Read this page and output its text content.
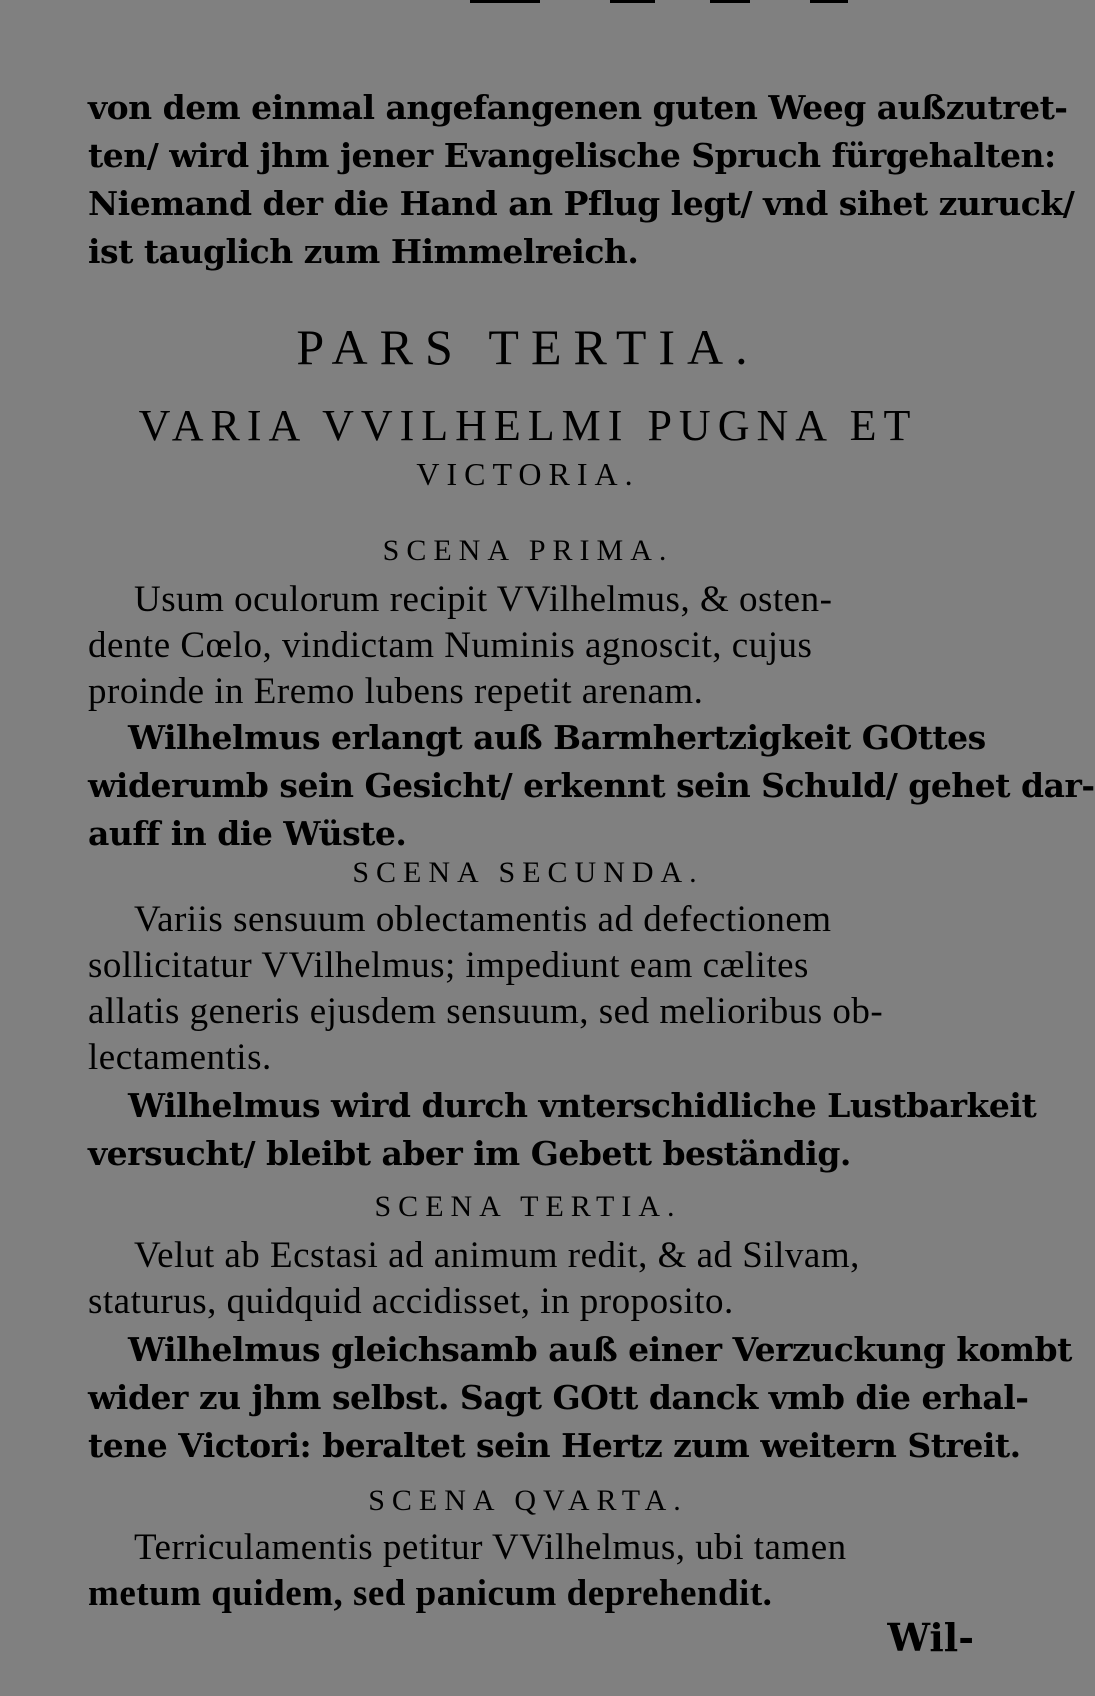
von dem einmal angefangenen guten Weeg außzutret-
ten/ wird jhm jener Evangelische Spruch fürgehalten:
Niemand der die Hand an Pflug legt/ vnd sihet zuruck/
ist tauglich zum Himmelreich.
PARS TERTIA.
VARIA VVILHELMI PUGNA ET
VICTORIA.
SCENA PRIMA.
Usum oculorum recipit VVilhelmus, & osten-
dente Cœlo, vindictam Numinis agnoscit, cujus
proinde in Eremo lubens repetit arenam.
Wilhelmus erlangt auß Barmhertzigkeit GOttes
widerumb sein Gesicht/ erkennt sein Schuld/ gehet dar-
auff in die Wüste.
SCENA SECUNDA.
Variis sensuum oblectamentis ad defectionem
sollicitatur VVilhelmus; impediunt eam cælites
allatis generis ejusdem sensuum, sed melioribus ob-
lectamentis.
Wilhelmus wird durch vnterschidliche Lustbarkeit
versucht/ bleibt aber im Gebett beständig.
SCENA TERTIA.
Velut ab Ecstasi ad animum redit, & ad Silvam,
staturus, quidquid accidisset, in proposito.
Wilhelmus gleichsamb auß einer Verzuckung kombt
wider zu jhm selbst. Sagt GOtt danck vmb die erhal-
tene Victori: beraltet sein Hertz zum weitern Streit.
SCENA QVARTA.
Terriculamentis petitur VVilhelmus, ubi tamen
metum quidem, sed panicum deprehendit.
Wil-
